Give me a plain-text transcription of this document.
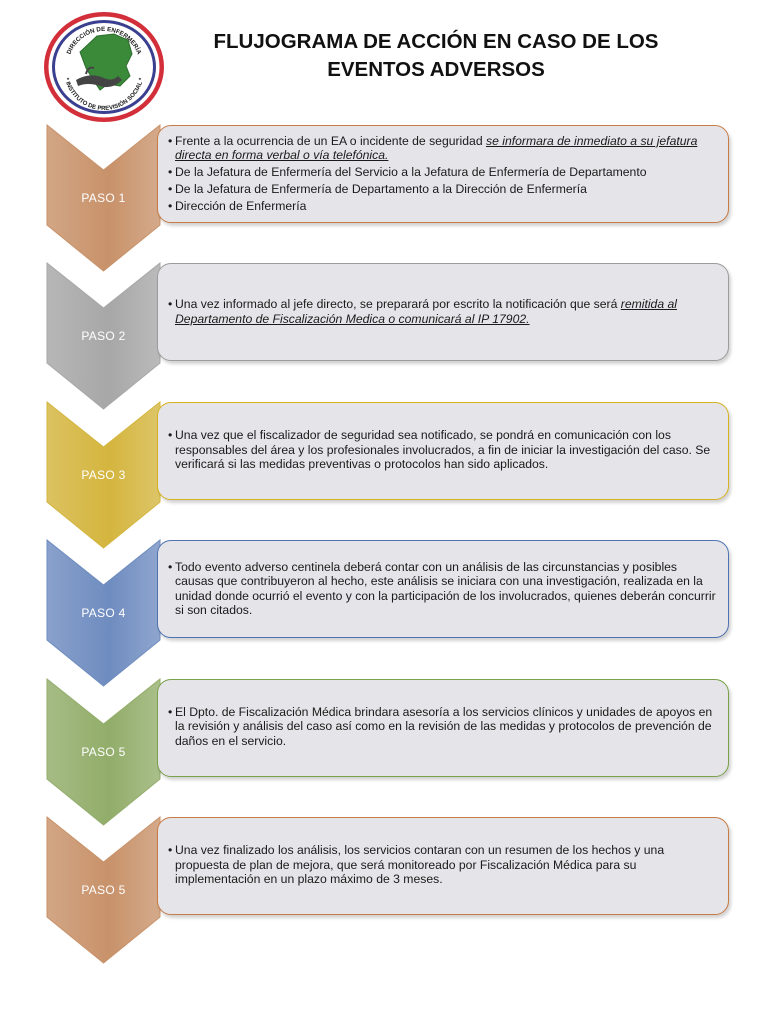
DIRECCIÓN DE ENFERMERÍA
* INSTITUTO DE PREVISIÓN SOCIAL *
FLUJOGRAMA DE ACCIÓN EN CASO DE LOS
EVENTOS ADVERSOS
PASO 1
• Frente a la ocurrencia de un EA o incidente de seguridad se informara de inmediato a su jefatura directa en forma verbal o vía telefónica.
• De la Jefatura de Enfermería del Servicio a la Jefatura de Enfermería de Departamento
• De la Jefatura de Enfermería de Departamento a la Dirección de Enfermería
• Dirección de Enfermería
PASO 2
• Una vez informado al jefe directo, se preparará por escrito la notificación que será remitida al Departamento de Fiscalización Medica o comunicará al IP 17902.
PASO 3
• Una vez que el fiscalizador de seguridad sea notificado, se pondrá en comunicación con los responsables del área y los profesionales involucrados, a fin de iniciar la investigación del caso. Se verificará si las medidas preventivas o protocolos han sido aplicados.
PASO 4
• Todo evento adverso centinela deberá contar con un análisis de las circunstancias y posibles causas que contribuyeron al hecho, este análisis se iniciara con una investigación, realizada en la unidad donde ocurrió el evento y con la participación de los involucrados, quienes deberán concurrir si son citados.
PASO 5
• El Dpto. de Fiscalización Médica brindara asesoría a los servicios clínicos y unidades de apoyos en la revisión y análisis del caso así como en la revisión de las medidas y protocolos de prevención de daños en el servicio.
PASO 5
• Una vez finalizado los análisis, los servicios contaran con un resumen de los hechos y una propuesta de plan de mejora, que será monitoreado por Fiscalización Médica para su implementación en un plazo máximo de 3 meses.
